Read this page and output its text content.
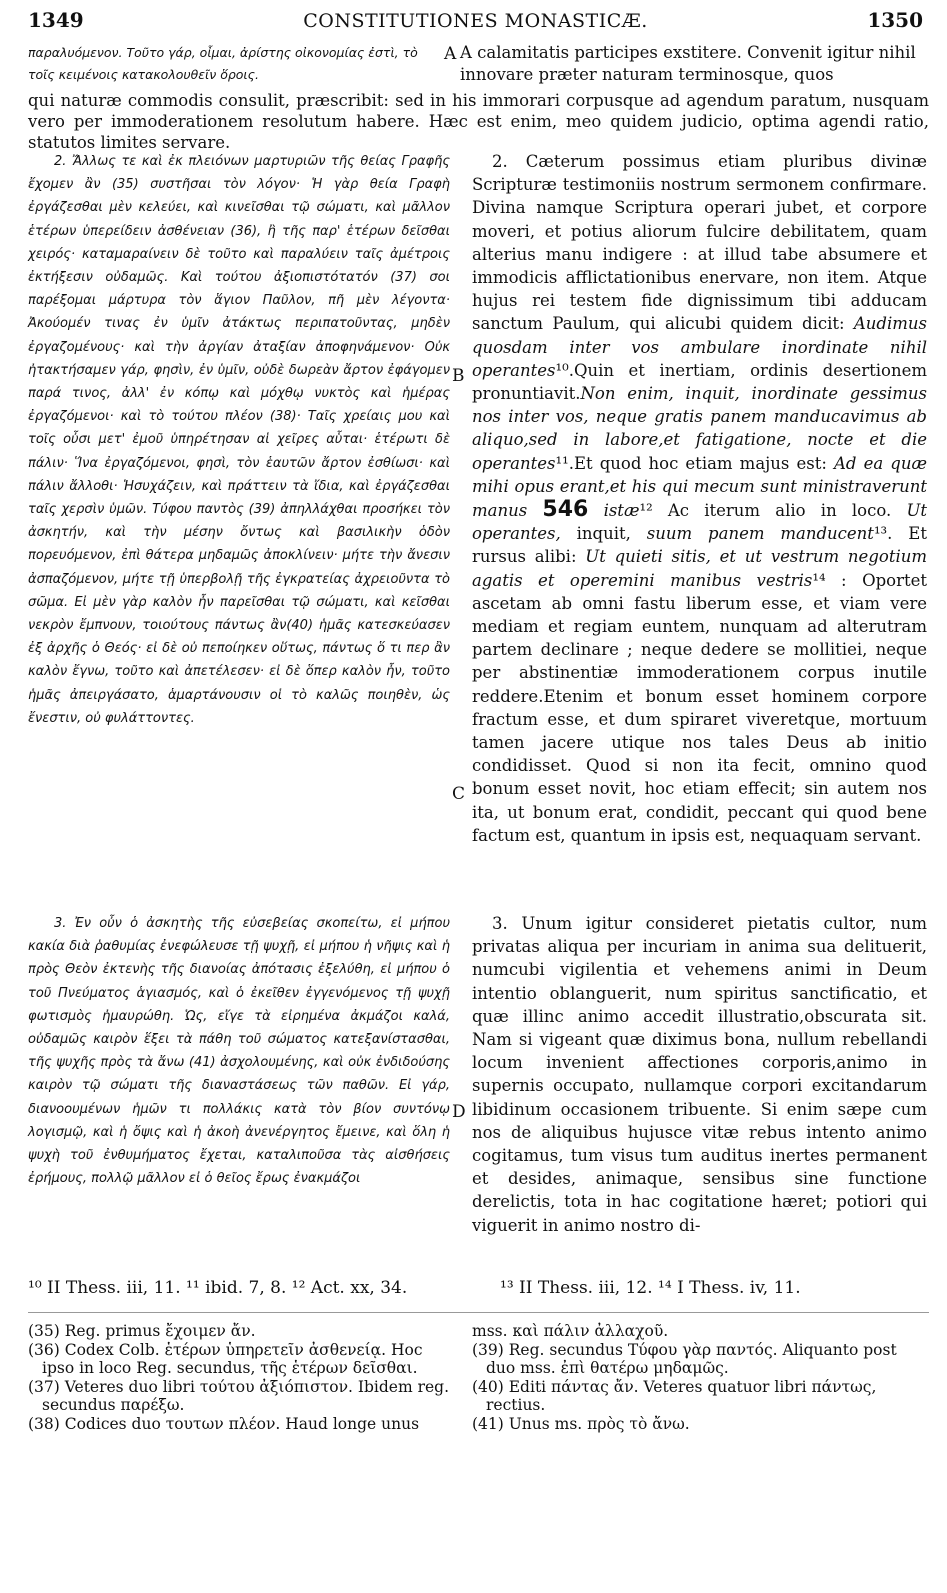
1349	CONSTITUTIONES MONASTICÆ.	1350

παραλυόμενον. Τοῦτο γάρ, οἶμαι, ἀρίστης οἰκονομίας ἐστὶ, τὸ τοῖς κειμένοις κατακολουθεῖν ὅροις.

A calamitatis participes exstitere. Convenit igitur nihil innovare præter naturam terminosque, quos

qui naturæ commodis consulit, præscribit: sed in his immorari corpusque ad agendum paratum, nusquam vero per immoderationem resolutum habere. Hæc est enim, meo quidem judicio, optima agendi ratio, statutos limites servare.

2. Ἄλλως τε καὶ ἐκ πλειόνων μαρτυριῶν τῆς θείας Γραφῆς ἔχομεν ἂν (35) συστῆσαι τὸν λόγον· Ἡ γὰρ θεία Γραφὴ ἐργάζεσθαι μὲν κελεύει, καὶ κινεῖσθαι τῷ σώματι, καὶ μᾶλλον ἑτέρων ὑπερείδειν ἀσθένειαν (36), ἢ τῆς παρ' ἑτέρων δεῖσθαι χειρός· καταμαραίνειν δὲ τοῦτο καὶ παραλύειν ταῖς ἀμέτροις ἐκτήξεσιν οὐδαμῶς. Καὶ τούτου ἀξιοπιστότατόν (37) σοι παρέξομαι μάρτυρα τὸν ἅγιον Παῦλον, πῆ μὲν λέγοντα· Ἀκούομέν τινας ἐν ὑμῖν ἀτάκτως περιπατοῦντας, μηδὲν ἐργαζομένους· καὶ τὴν ἀργίαν ἀταξίαν ἀποφηνάμενον· Οὐκ ἠτακτήσαμεν γάρ, φησὶν, ἐν ὑμῖν, οὐδὲ δωρεὰν ἄρτον ἐφάγομεν παρά τινος, ἀλλ' ἐν κόπῳ καὶ μόχθῳ νυκτὸς καὶ ἡμέρας ἐργαζόμενοι· καὶ τὸ τούτου πλέον (38)· Ταῖς χρείαις μου καὶ τοῖς οὖσι μετ' ἐμοῦ ὑπηρέτησαν αἱ χεῖρες αὗται· ἑτέρωτι δὲ πάλιν· Ἵνα ἐργαζόμενοι, φησὶ, τὸν ἑαυτῶν ἄρτον ἐσθίωσι· καὶ πάλιν ἄλλοθι· Ἡσυχάζειν, καὶ πράττειν τὰ ἴδια, καὶ ἐργάζεσθαι ταῖς χερσὶν ὑμῶν. Τύφου παντὸς (39) ἀπηλλάχθαι προσήκει τὸν ἀσκητήν, καὶ τὴν μέσην ὄντως καὶ βασιλικὴν ὁδὸν πορευόμενον, ἐπὶ θάτερα μηδαμῶς ἀποκλίνειν· μήτε τὴν ἄνεσιν ἀσπαζόμενον, μήτε τῇ ὑπερβολῇ τῆς ἐγκρατείας ἀχρειοῦντα τὸ σῶμα. Εἰ μὲν γὰρ καλὸν ἦν παρεῖσθαι τῷ σώματι, καὶ κεῖσθαι νεκρὸν ἔμπνουν, τοιούτους πάντως ἂν(40) ἡμᾶς κατεσκεύασεν ἐξ ἀρχῆς ὁ Θεός· εἰ δὲ οὐ πεποίηκεν οὕτως, πάντως ὅ τι περ ἂν καλὸν ἔγνω, τοῦτο καὶ ἀπετέλεσεν· εἰ δὲ ὅπερ καλὸν ἦν, τοῦτο ἡμᾶς ἀπειργάσατο, ἁμαρτάνουσιν οἱ τὸ καλῶς ποιηθὲν, ὡς ἔνεστιν, οὐ φυλάττοντες.

2. Cæterum possimus etiam pluribus divinæ Scripturæ testimoniis nostrum sermonem confirmare. Divina namque Scriptura operari jubet, et corpore moveri, et potius aliorum fulcire debilitatem, quam alterius manu indigere : at illud tabe absumere et immodicis afflictationibus enervare, non item. Atque hujus rei testem fide dignissimum tibi adducam sanctum Paulum, qui alicubi quidem dicit: Audimus quosdam inter vos ambulare inordinate nihil operantes¹⁰.Quin et inertiam, ordinis desertionem pronuntiavit.Non enim, inquit, inordinate gessimus nos inter vos, neque gratis panem manducavimus ab aliquo,sed in labore,et fatigatione, nocte et die operantes¹¹.Et quod hoc etiam majus est: Ad ea quæ mihi opus erant,et his qui mecum sunt ministraverunt manus 546 istæ¹² Ac iterum alio in loco. Ut operantes, inquit, suum panem manducent¹³. Et rursus alibi: Ut quieti sitis, et ut vestrum negotium agatis et operemini manibus vestris¹⁴ : Oportet ascetam ab omni fastu liberum esse, et viam vere mediam et regiam euntem, nunquam ad alterutram partem declinare ; neque dedere se mollitiei, neque per abstinentiæ immoderationem corpus inutile reddere.Etenim et bonum esset hominem corpore fractum esse, et dum spiraret viveretque, mortuum tamen jacere utique nos tales Deus ab initio condidisset. Quod si non ita fecit, omnino quod bonum esset novit, hoc etiam effecit; sin autem nos ita, ut bonum erat, condidit, peccant qui quod bene factum est, quantum in ipsis est, nequaquam servant.

3. Ἐν οὖν ὁ ἀσκητὴς τῆς εὐσεβείας σκοπείτω, εἰ μήπου κακία διὰ ῥαθυμίας ἐνεφώλευσε τῇ ψυχῇ, εἰ μήπου ἡ νῆψις καὶ ἡ πρὸς Θεὸν ἐκτενὴς τῆς διανοίας ἀπότασις ἐξελύθη, εἰ μήπου ὁ τοῦ Πνεύματος ἁγιασμός, καὶ ὁ ἐκεῖθεν ἐγγενόμενος τῇ ψυχῇ φωτισμὸς ἠμαυρώθη. Ὡς, εἴγε τὰ εἰρημένα ἀκμάζοι καλά, οὐδαμῶς καιρὸν ἕξει τὰ πάθη τοῦ σώματος κατεξανίστασθαι, τῆς ψυχῆς πρὸς τὰ ἄνω (41) ἀσχολουμένης, καὶ οὐκ ἐνδιδούσης καιρὸν τῷ σώματι τῆς διαναστάσεως τῶν παθῶν. Εἰ γάρ, διανοουμένων ἡμῶν τι πολλάκις κατὰ τὸν βίον συντόνῳ λογισμῷ, καὶ ἡ ὄψις καὶ ἡ ἀκοὴ ἀνενέργητος ἔμεινε, καὶ ὅλη ἡ ψυχὴ τοῦ ἐνθυμήματος ἔχεται, καταλιποῦσα τὰς αἰσθήσεις ἐρήμους, πολλῷ μᾶλλον εἰ ὁ θεῖος ἔρως ἐνακμάζοι

3. Unum igitur consideret pietatis cultor, num privatas aliqua per incuriam in anima sua delituerit, numcubi vigilentia et vehemens animi in Deum intentio oblanguerit, num spiritus sanctificatio, et quæ illinc animo accedit illustratio,obscurata sit. Nam si vigeant quæ diximus bona, nullum rebellandi locum invenient affectiones corporis,animo in supernis occupato, nullamque corpori excitandarum libidinum occasionem tribuente. Si enim sæpe cum nos de aliquibus hujusce vitæ rebus intento animo cogitamus, tum visus tum auditus inertes permanent et desides, animaque, sensibus sine functione derelictis, tota in hac cogitatione hæret; potiori qui viguerit in animo nostro di-

A
B
C
D
¹⁰ II Thess. iii, 11. ¹¹ ibid. 7, 8. ¹² Act. xx, 34.	¹³ II Thess. iii, 12. ¹⁴ I Thess. iv, 11.

(35) Reg. primus ἔχοιμεν ἄν.

(36) Codex Colb. ἑτέρων ὑπηρετεῖν ἀσθενείᾳ. Hoc ipso in loco Reg. secundus, τῆς ἑτέρων δεῖσθαι.

(37) Veteres duo libri τούτου ἀξιόπιστον. Ibidem reg. secundus παρέξω.

(38) Codices duo τουτων πλέον. Haud longe unus

mss. καὶ πάλιν ἀλλαχοῦ.

(39) Reg. secundus Τύφου γὰρ παντός. Aliquanto post duo mss. ἐπὶ θατέρω μηδαμῶς.

(40) Editi πάντας ἄν. Veteres quatuor libri πάντως, rectius.

(41) Unus ms. πρὸς τὸ ἄνω.
